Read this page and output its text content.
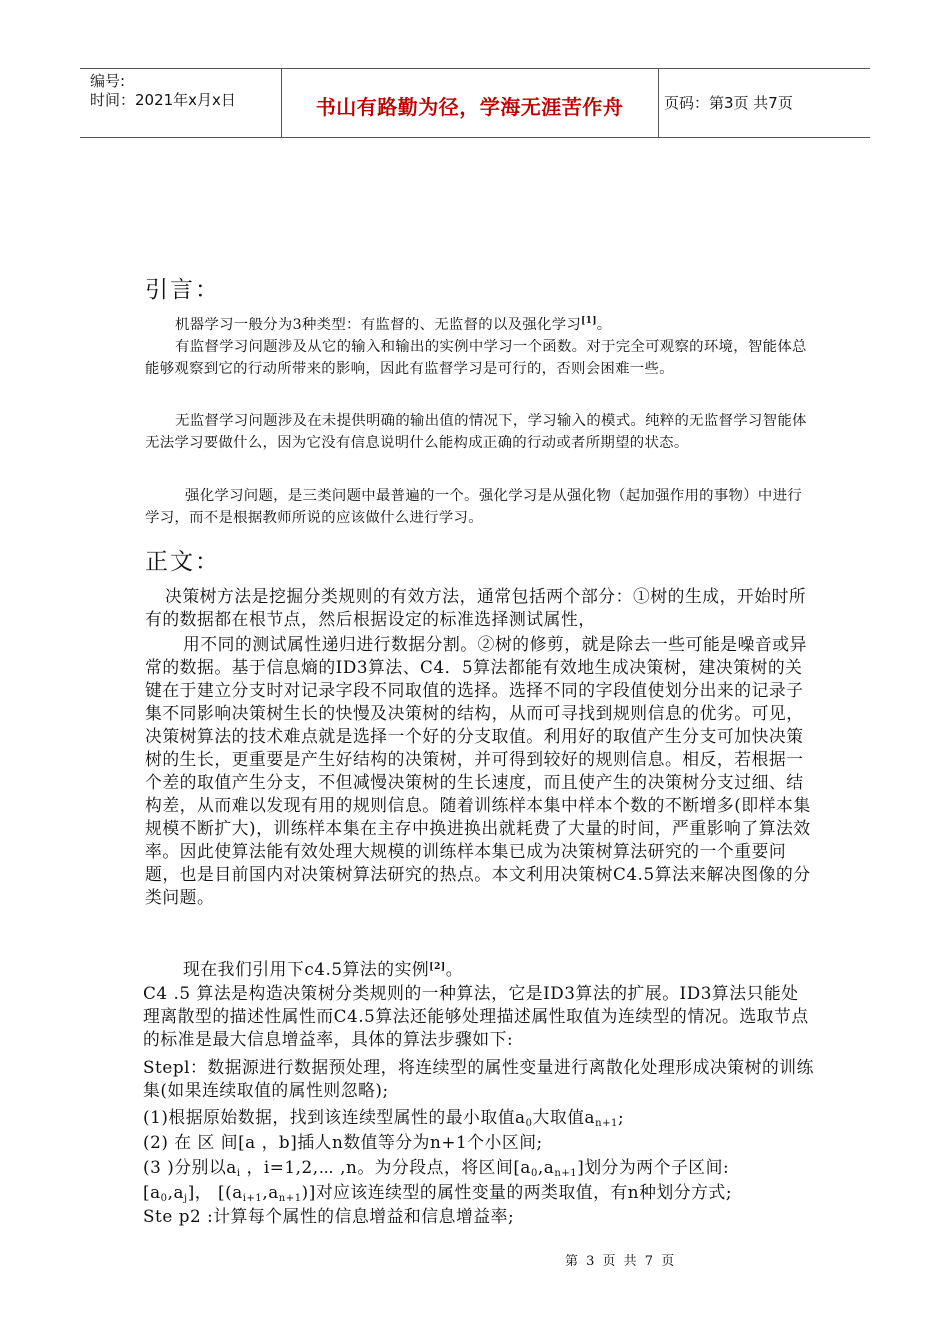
编号:
时间：2021年x月x日	书山有路勤为径，学海无涯苦作舟	页码：第3页 共7页
引言：
机器学习一般分为3种类型：有监督的、无监督的以及强化学习[1]。
有监督学习问题涉及从它的输入和输出的实例中学习一个函数。对于完全可观察的环境，智能体总能够观察到它的行动所带来的影响，因此有监督学习是可行的，否则会困难一些。
无监督学习问题涉及在未提供明确的输出值的情况下，学习输入的模式。纯粹的无监督学习智能体无法学习要做什么，因为它没有信息说明什么能构成正确的行动或者所期望的状态。
强化学习问题，是三类问题中最普遍的一个。强化学习是从强化物（起加强作用的事物）中进行学习，而不是根据教师所说的应该做什么进行学习。
正文：
决策树方法是挖掘分类规则的有效方法，通常包括两个部分：①树的生成，开始时所有的数据都在根节点，然后根据设定的标准选择测试属性，
用不同的测试属性递归进行数据分割。②树的修剪，就是除去一些可能是噪音或异常的数据。基于信息熵的ID3算法、C4．5算法都能有效地生成决策树，建决策树的关键在于建立分支时对记录字段不同取值的选择。选择不同的字段值使划分出来的记录子集不同影响决策树生长的快慢及决策树的结构，从而可寻找到规则信息的优劣。可见，决策树算法的技术难点就是选择一个好的分支取值。利用好的取值产生分支可加快决策树的生长，更重要是产生好结构的决策树，并可得到较好的规则信息。相反，若根据一个差的取值产生分支，不但减慢决策树的生长速度，而且使产生的决策树分支过细、结构差，从而难以发现有用的规则信息。随着训练样本集中样本个数的不断增多(即样本集规模不断扩大)，训练样本集在主存中换进换出就耗费了大量的时间，严重影响了算法效率。因此使算法能有效处理大规模的训练样本集已成为决策树算法研究的一个重要问题，也是目前国内对决策树算法研究的热点。本文利用决策树C4.5算法来解决图像的分类问题。
现在我们引用下c4.5算法的实例[2]。
C4 .5 算法是构造决策树分类规则的一种算法，它是ID3算法的扩展。ID3算法只能处理离散型的描述性属性而C4.5算法还能够处理描述属性取值为连续型的情况。选取节点的标准是最大信息增益率，具体的算法步骤如下:
Stepl：数据源进行数据预处理，将连续型的属性变量进行离散化处理形成决策树的训练集(如果连续取值的属性则忽略);
(1)根据原始数据，找到该连续型属性的最小取值$a_0$大取值$a_{n+1}$;
(2) 在 区 间[a ，b]插人n数值等分为n+1个小区间;
(3 )分别以$a_i$ ，i=1,2,⋯ ,n。为分段点，将区间$[a_0,a_{n+1}]$划分为两个子区间:
$[a_0,a_j]$， $[(a_{i+1},a_{n+1})]$对应该连续型的属性变量的两类取值，有n种划分方式;
Ste p2 :计算每个属性的信息增益和信息增益率;
第 3 页 共 7 页
